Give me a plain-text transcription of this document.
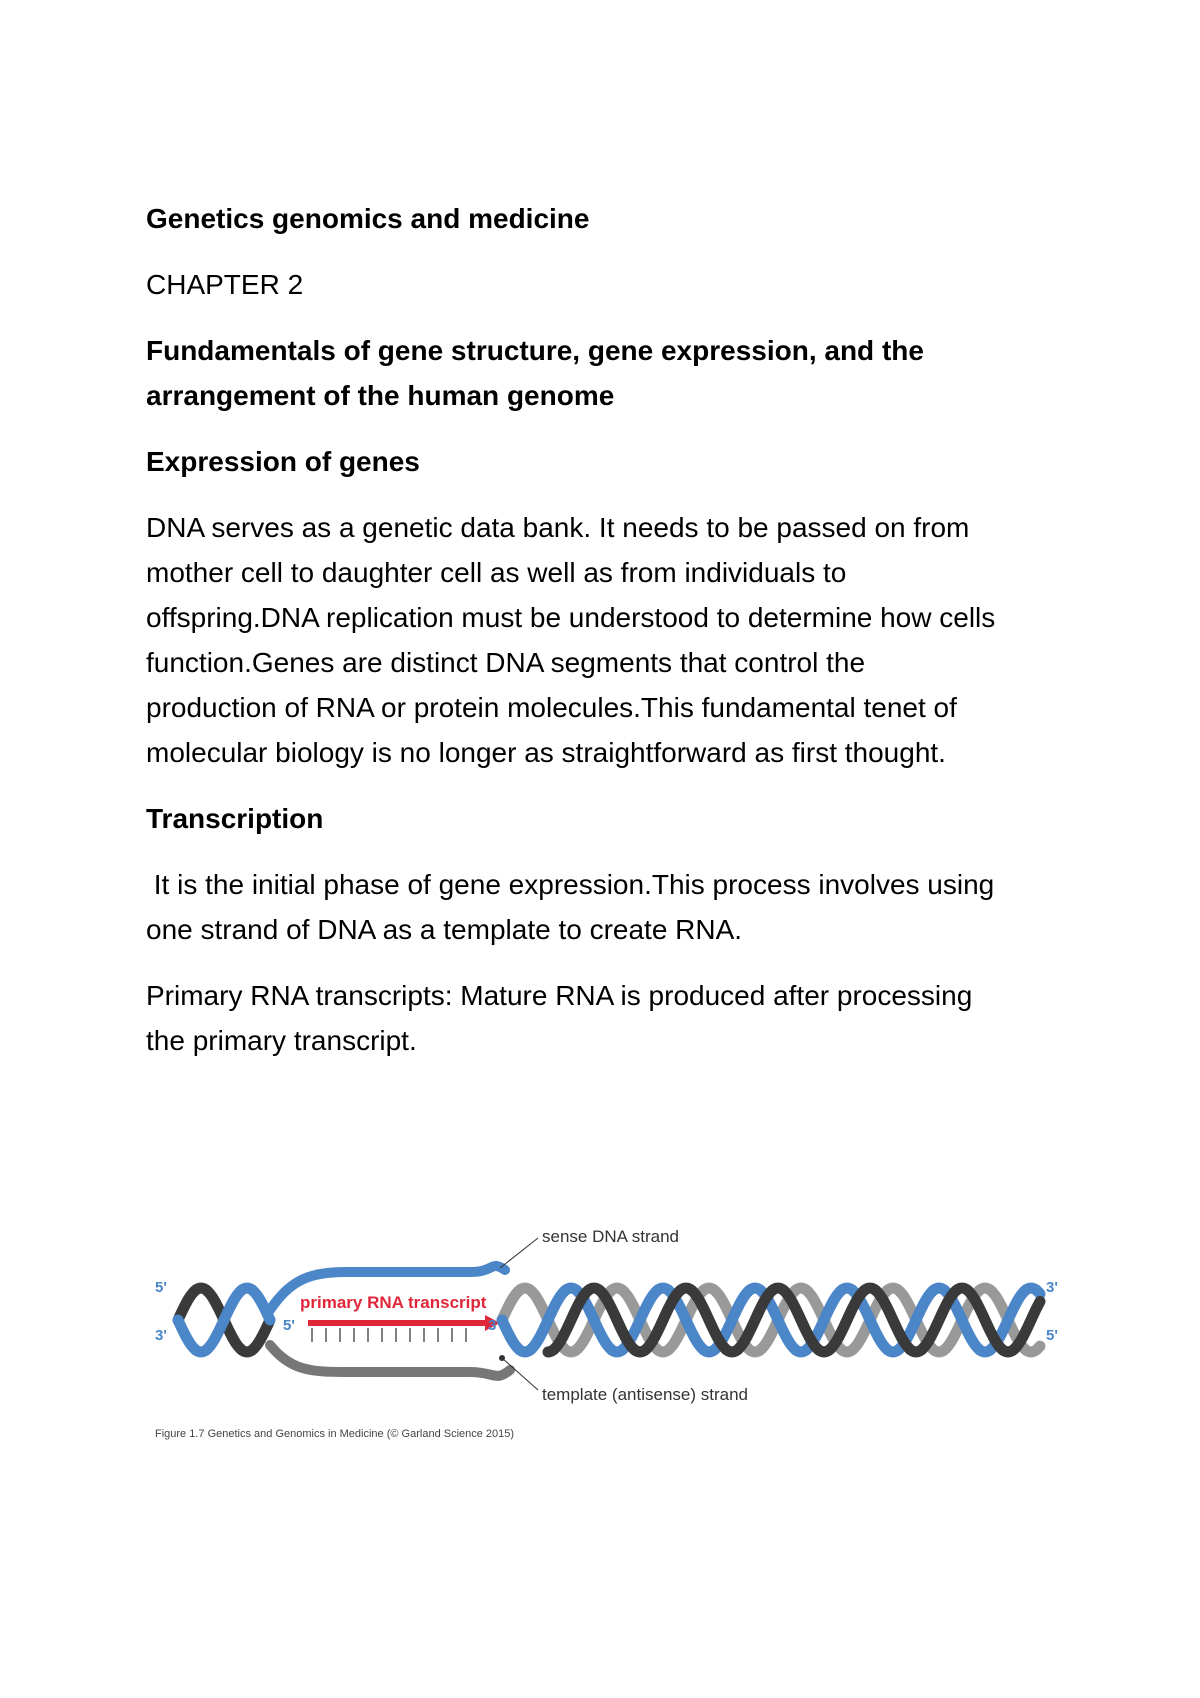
Genetics genomics and medicine

CHAPTER 2

Fundamentals of gene structure, gene expression, and the

arrangement of the human genome

Expression of genes

DNA serves as a genetic data bank. It needs to be passed on from

mother cell to daughter cell as well as from individuals to

offspring.DNA replication must be understood to determine how cells

function.Genes are distinct DNA segments that control the

production of RNA or protein molecules.This fundamental tenet of

molecular biology is no longer as straightforward as first thought.

Transcription

It is the initial phase of gene expression.This process involves using

one strand of DNA as a template to create RNA.

Primary RNA transcripts: Mature RNA is produced after processing

the primary transcript.

primary RNA transcript
5'	3'
5'
3'
3'
5'
sense DNA strand
template (antisense) strand
Figure 1.7 Genetics and Genomics in Medicine (© Garland Science 2015)
